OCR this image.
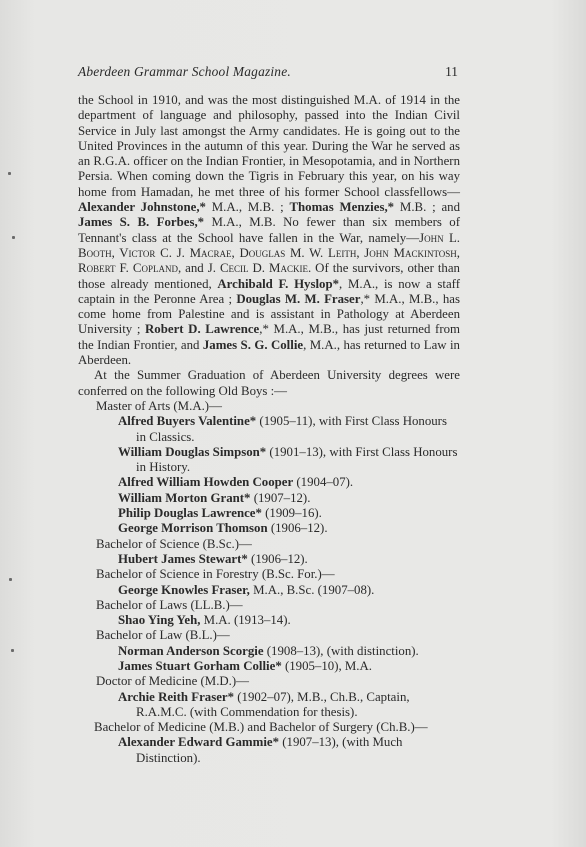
Aberdeen Grammar School Magazine.	11

the School in 1910, and was the most distinguished M.A. of 1914 in the department of language and philosophy, passed into the Indian Civil Service in July last amongst the Army candidates. He is going out to the United Provinces in the autumn of this year. During the War he served as an R.G.A. officer on the Indian Frontier, in Mesopotamia, and in Northern Persia. When coming down the Tigris in February this year, on his way home from Hamadan, he met three of his former School classfellows—Alexander Johnstone,* M.A., M.B. ; Thomas Menzies,* M.B. ; and James S. B. Forbes,* M.A., M.B. No fewer than six members of Tennant's class at the School have fallen in the War, namely—John L. Booth, Victor C. J. Macrae, Douglas M. W. Leith, John Mackintosh, Robert F. Copland, and J. Cecil D. Mackie. Of the survivors, other than those already mentioned, Archibald F. Hyslop*, M.A., is now a staff captain in the Peronne Area ; Douglas M. M. Fraser,* M.A., M.B., has come home from Palestine and is assistant in Pathology at Aberdeen University ; Robert D. Lawrence,* M.A., M.B., has just returned from the Indian Frontier, and James S. G. Collie, M.A., has returned to Law in Aberdeen.

At the Summer Graduation of Aberdeen University degrees were conferred on the following Old Boys :—

Master of Arts (M.A.)—

Alfred Buyers Valentine* (1905–11), with First Class Honours in Classics.

William Douglas Simpson* (1901–13), with First Class Honours in History.

Alfred William Howden Cooper (1904–07).

William Morton Grant* (1907–12).

Philip Douglas Lawrence* (1909–16).

George Morrison Thomson (1906–12).

Bachelor of Science (B.Sc.)—

Hubert James Stewart* (1906–12).

Bachelor of Science in Forestry (B.Sc. For.)—

George Knowles Fraser, M.A., B.Sc. (1907–08).

Bachelor of Laws (LL.B.)—

Shao Ying Yeh, M.A. (1913–14).

Bachelor of Law (B.L.)—

Norman Anderson Scorgie (1908–13), (with distinction).

James Stuart Gorham Collie* (1905–10), M.A.

Doctor of Medicine (M.D.)—

Archie Reith Fraser* (1902–07), M.B., Ch.B., Captain, R.A.M.C. (with Commendation for thesis).

Bachelor of Medicine (M.B.) and Bachelor of Surgery (Ch.B.)—

Alexander Edward Gammie* (1907–13), (with Much Distinction).
